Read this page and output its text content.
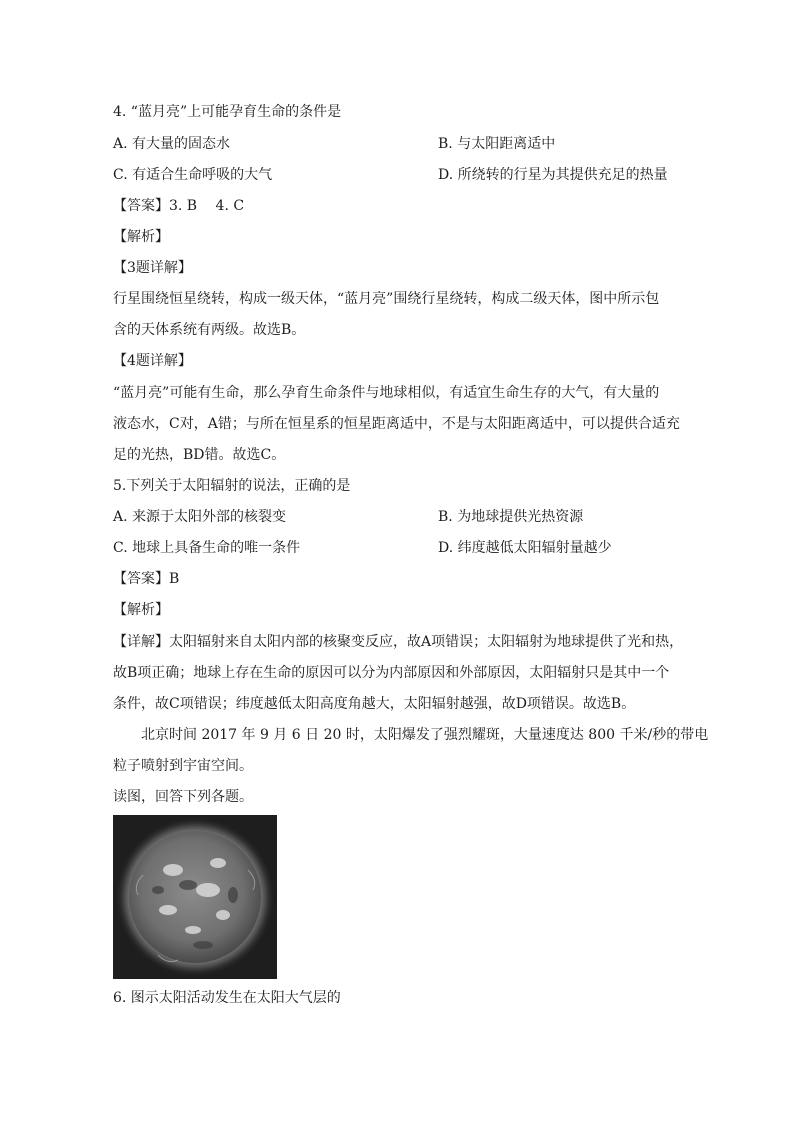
4. “蓝月亮”上可能孕育生命的条件是
A. 有大量的固态水	B. 与太阳距离适中
C. 有适合生命呼吸的大气	D. 所绕转的行星为其提供充足的热量
【答案】3. B　 4. C
【解析】
【3题详解】
行星围绕恒星绕转，构成一级天体，“蓝月亮”围绕行星绕转，构成二级天体，图中所示包
含的天体系统有两级。故选B。
【4题详解】
“蓝月亮”可能有生命，那么孕育生命条件与地球相似，有适宜生命生存的大气，有大量的
液态水，C对，A错；与所在恒星系的恒星距离适中，不是与太阳距离适中，可以提供合适充
足的光热，BD错。故选C。
5.下列关于太阳辐射的说法，正确的是
A. 来源于太阳外部的核裂变	B. 为地球提供光热资源
C. 地球上具备生命的唯一条件	D. 纬度越低太阳辐射量越少
【答案】B
【解析】
【详解】太阳辐射来自太阳内部的核聚变反应，故A项错误；太阳辐射为地球提供了光和热，
故B项正确；地球上存在生命的原因可以分为内部原因和外部原因，太阳辐射只是其中一个
条件，故C项错误；纬度越低太阳高度角越大，太阳辐射越强，故D项错误。故选B。
北京时间 2017 年 9 月 6 日 20 时，太阳爆发了强烈耀斑，大量速度达 800 千米/秒的带电
粒子喷射到宇宙空间。
读图，回答下列各题。
6. 图示太阳活动发生在太阳大气层的
